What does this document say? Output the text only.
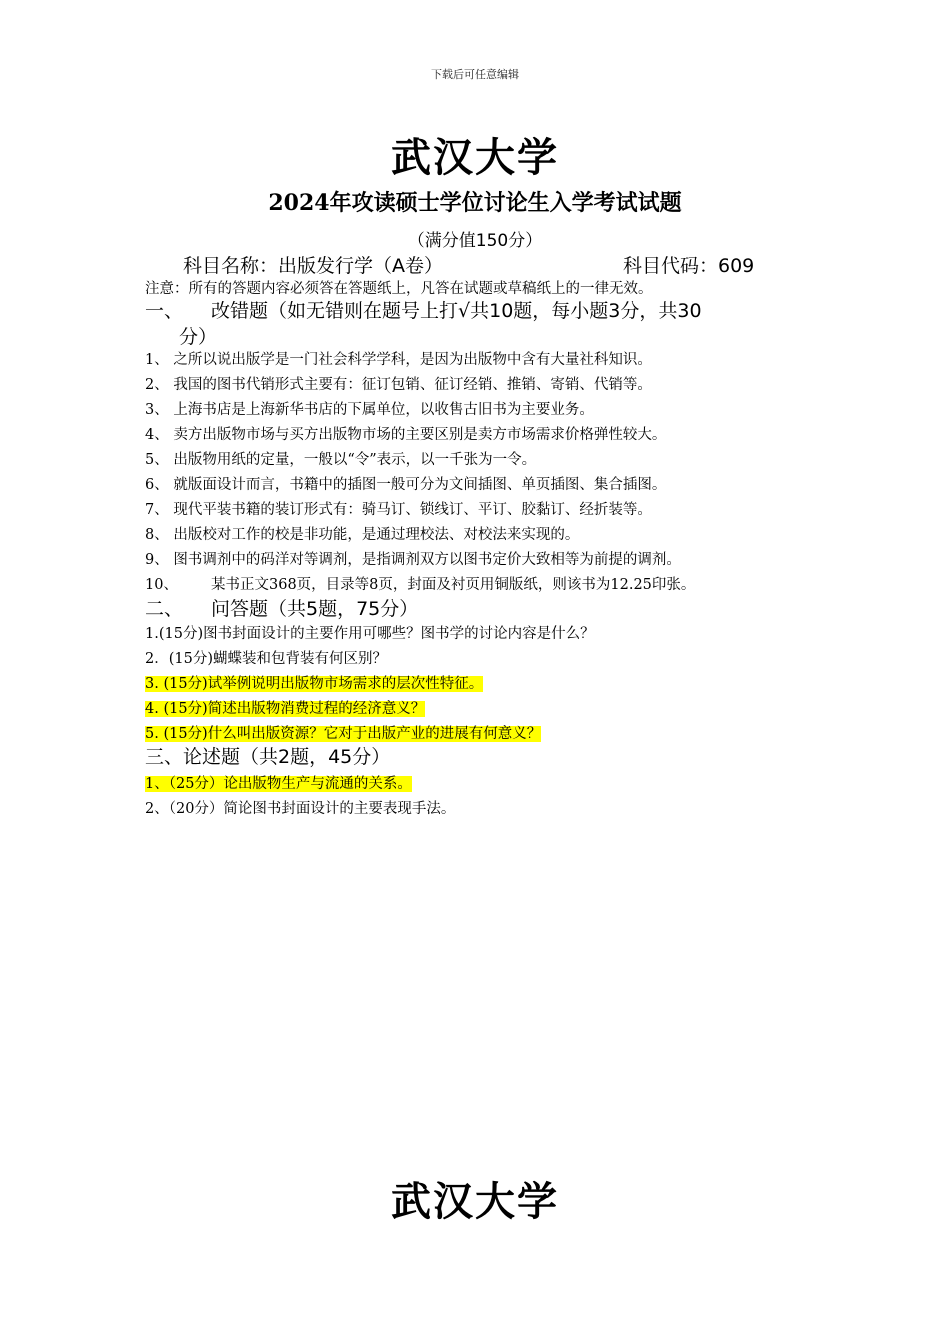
下载后可任意编辑
武汉大学
2024年攻读硕士学位讨论生入学考试试题
（满分值150分）
科目名称：出版发行学（A卷）	科目代码：609
注意：所有的答题内容必须答在答题纸上，凡答在试题或草稿纸上的一律无效。
一、 改错题（如无错则在题号上打√共10题，每小题3分，共30
分）
1、 之所以说出版学是一门社会科学学科，是因为出版物中含有大量社科知识。
2、 我国的图书代销形式主要有：征订包销、征订经销、推销、寄销、代销等。
3、 上海书店是上海新华书店的下属单位，以收售古旧书为主要业务。
4、 卖方出版物市场与买方出版物市场的主要区别是卖方市场需求价格弹性较大。
5、 出版物用纸的定量，一般以“令”表示，以一千张为一令。
6、 就版面设计而言，书籍中的插图一般可分为文间插图、单页插图、集合插图。
7、 现代平装书籍的装订形式有：骑马订、锁线订、平订、胶黏订、经折装等。
8、 出版校对工作的校是非功能，是通过理校法、对校法来实现的。
9、 图书调剂中的码洋对等调剂，是指调剂双方以图书定价大致相等为前提的调剂。
10、 某书正文368页，目录等8页，封面及衬页用铜版纸，则该书为12.25印张。
二、 问答题（共5题，75分）
1.(15分)图书封面设计的主要作用可哪些？图书学的讨论内容是什么？
2．(15分)蝴蝶装和包背装有何区别？
3. (15分)试举例说明出版物市场需求的层次性特征。
4. (15分)简述出版物消费过程的经济意义？
5. (15分)什么叫出版资源？它对于出版产业的进展有何意义？
三、论述题（共2题，45分）
1、（25分）论出版物生产与流通的关系。
2、（20分）简论图书封面设计的主要表现手法。
武汉大学
